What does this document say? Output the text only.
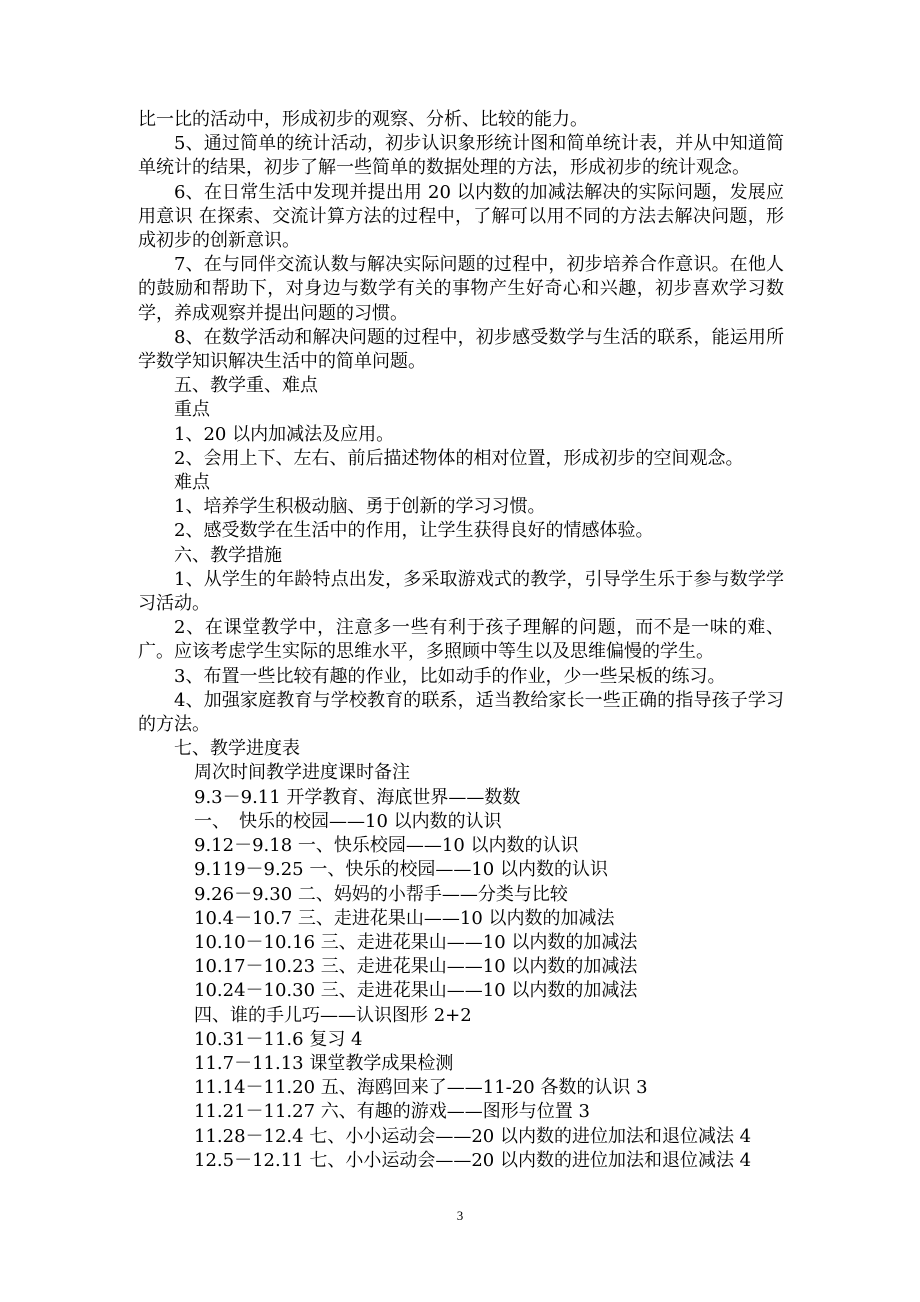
比一比的活动中，形成初步的观察、分析、比较的能力。

5、通过简单的统计活动，初步认识象形统计图和简单统计表，并从中知道简单统计的结果，初步了解一些简单的数据处理的方法，形成初步的统计观念。

6、在日常生活中发现并提出用 20 以内数的加减法解决的实际问题，发展应用意识 在探索、交流计算方法的过程中，了解可以用不同的方法去解决问题，形成初步的创新意识。

7、在与同伴交流认数与解决实际问题的过程中，初步培养合作意识。在他人的鼓励和帮助下，对身边与数学有关的事物产生好奇心和兴趣，初步喜欢学习数学，养成观察并提出问题的习惯。

8、在数学活动和解决问题的过程中，初步感受数学与生活的联系，能运用所学数学知识解决生活中的简单问题。

五、教学重、难点

重点

1、20 以内加减法及应用。

2、会用上下、左右、前后描述物体的相对位置，形成初步的空间观念。

难点

1、培养学生积极动脑、勇于创新的学习习惯。

2、感受数学在生活中的作用，让学生获得良好的情感体验。

六、教学措施

1、从学生的年龄特点出发，多采取游戏式的教学，引导学生乐于参与数学学习活动。

2、在课堂教学中，注意多一些有利于孩子理解的问题，而不是一味的难、广。应该考虑学生实际的思维水平，多照顾中等生以及思维偏慢的学生。

3、布置一些比较有趣的作业，比如动手的作业，少一些呆板的练习。

4、加强家庭教育与学校教育的联系，适当教给家长一些正确的指导孩子学习的方法。

七、教学进度表

周次时间教学进度课时备注

9.3－9.11 开学教育、海底世界——数数

一、　快乐的校园——10 以内数的认识

9.12－9.18 一、快乐校园——10 以内数的认识

9.119－9.25 一、快乐的校园——10 以内数的认识

9.26－9.30 二、妈妈的小帮手——分类与比较

10.4－10.7 三、走进花果山——10 以内数的加减法

10.10－10.16 三、走进花果山——10 以内数的加减法

10.17－10.23 三、走进花果山——10 以内数的加减法

10.24－10.30 三、走进花果山——10 以内数的加减法

四、谁的手儿巧——认识图形 2+2

10.31－11.6 复习 4

11.7－11.13 课堂教学成果检测

11.14－11.20 五、海鸥回来了——11-20 各数的认识 3

11.21－11.27 六、有趣的游戏——图形与位置 3

11.28－12.4 七、小小运动会——20 以内数的进位加法和退位减法 4

12.5－12.11 七、小小运动会——20 以内数的进位加法和退位减法 4

3
